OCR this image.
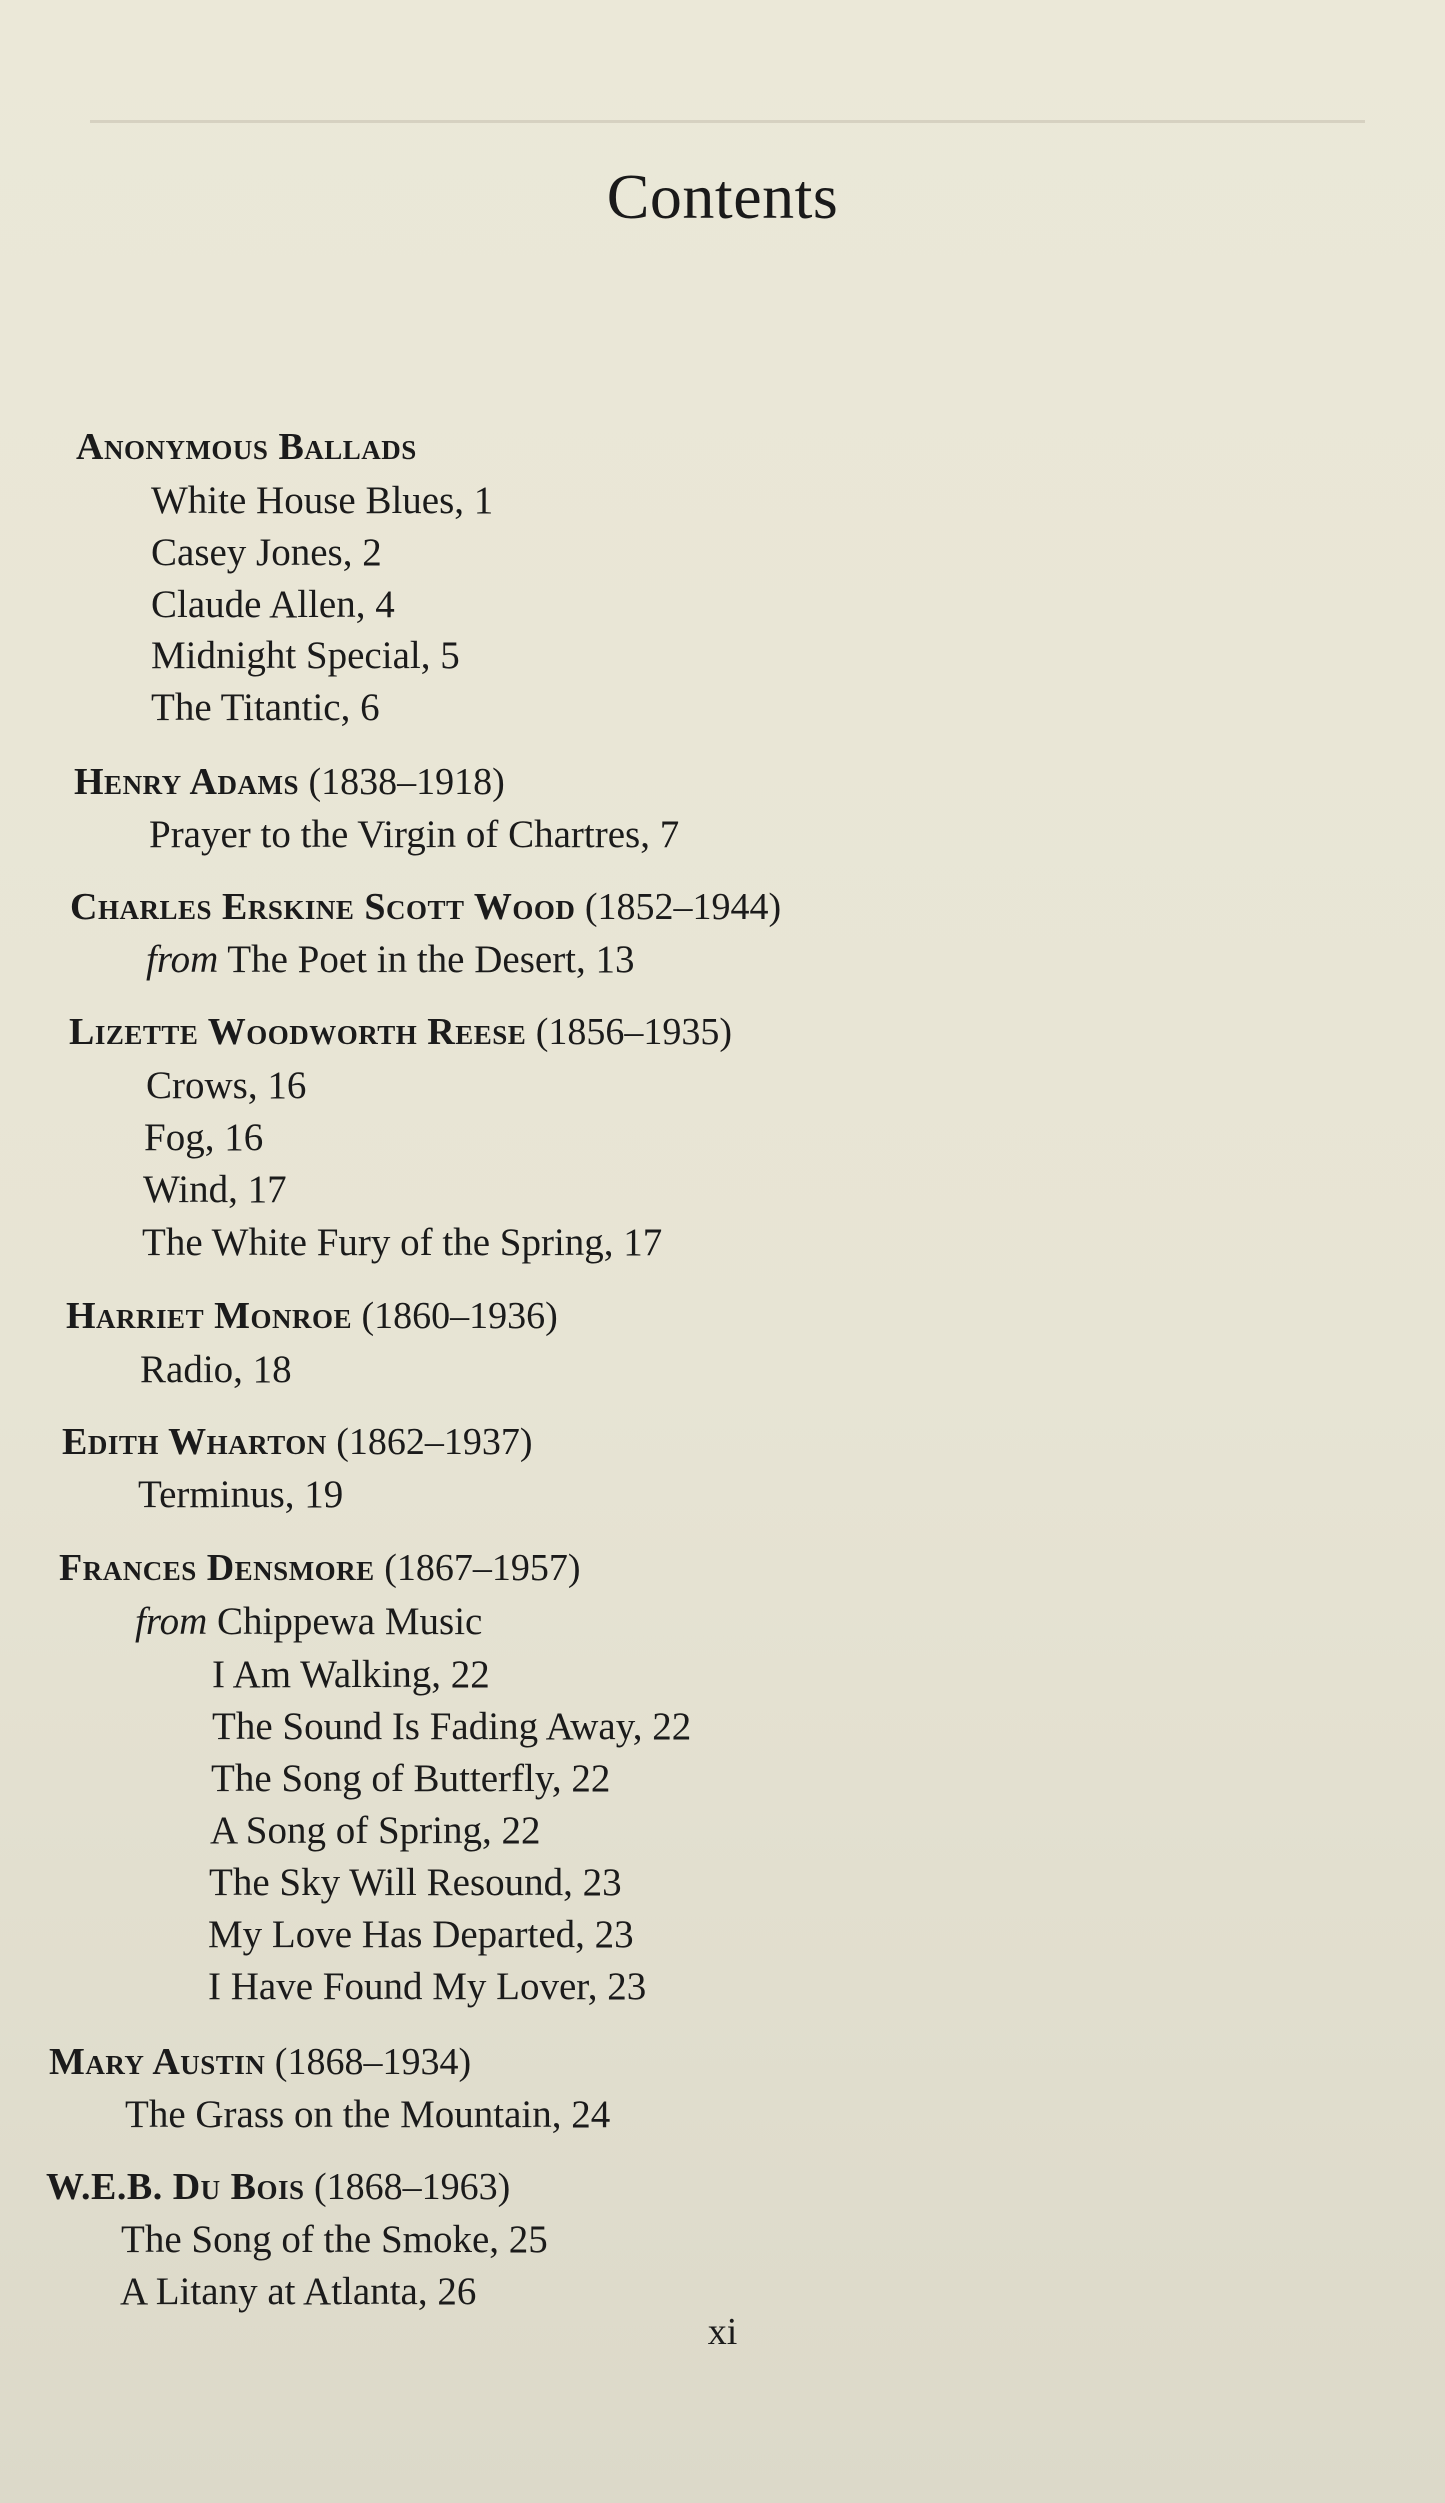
Contents
Anonymous Ballads
White House Blues, 1
Casey Jones, 2
Claude Allen, 4
Midnight Special, 5
The Titantic, 6
Henry Adams (1838–1918)
Prayer to the Virgin of Chartres, 7
Charles Erskine Scott Wood (1852–1944)
from The Poet in the Desert, 13
Lizette Woodworth Reese (1856–1935)
Crows, 16
Fog, 16
Wind, 17
The White Fury of the Spring, 17
Harriet Monroe (1860–1936)
Radio, 18
Edith Wharton (1862–1937)
Terminus, 19
Frances Densmore (1867–1957)
from Chippewa Music
I Am Walking, 22
The Sound Is Fading Away, 22
The Song of Butterfly, 22
A Song of Spring, 22
The Sky Will Resound, 23
My Love Has Departed, 23
I Have Found My Lover, 23
Mary Austin (1868–1934)
The Grass on the Mountain, 24
W.E.B. Du Bois (1868–1963)
The Song of the Smoke, 25
A Litany at Atlanta, 26
xi
